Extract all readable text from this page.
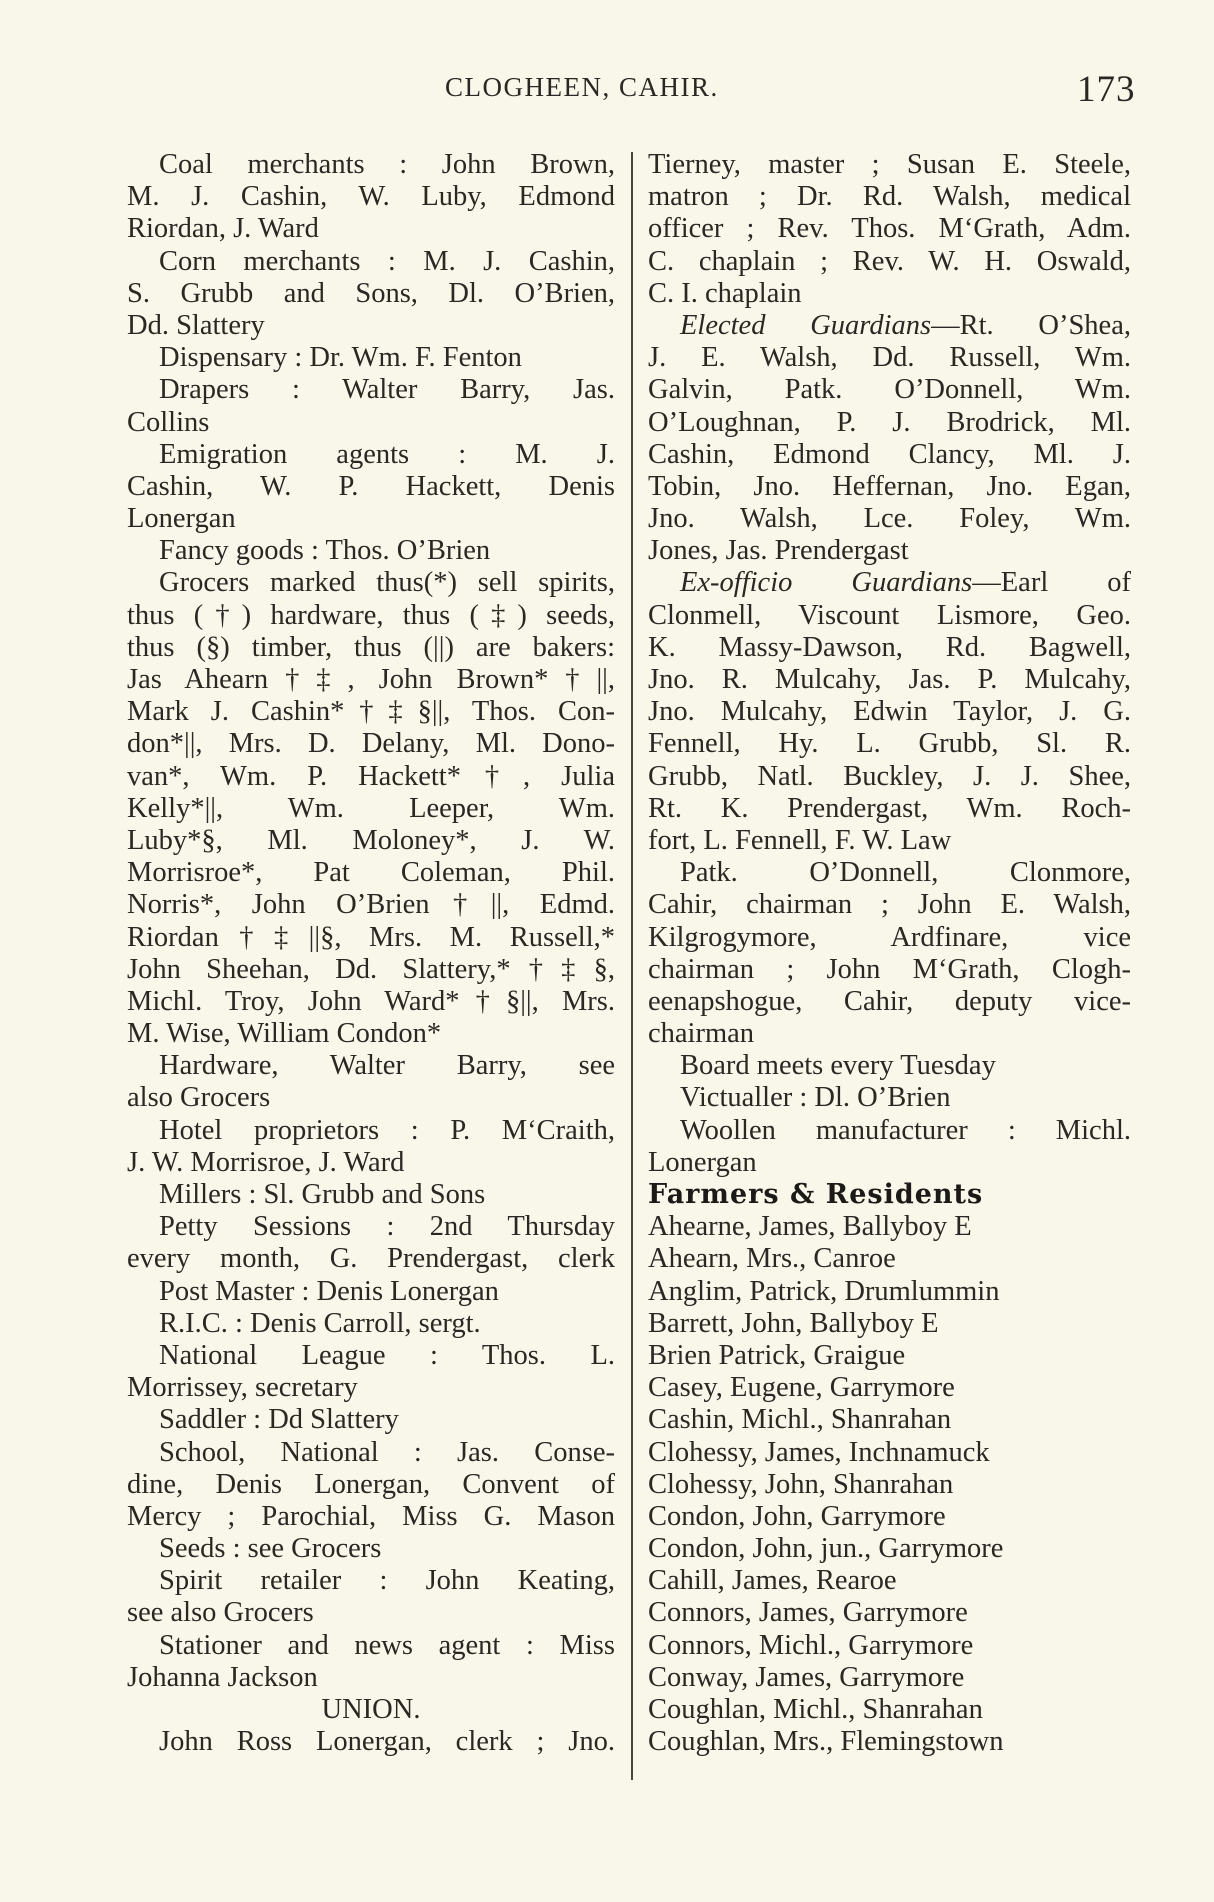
CLOGHEEN, CAHIR.	173
Coal merchants : John Brown,
M. J. Cashin, W. Luby, Edmond
Riordan, J. Ward
Corn merchants : M. J. Cashin,
S. Grubb and Sons, Dl. O’Brien,
Dd. Slattery
Dispensary : Dr. Wm. F. Fenton
Drapers : Walter Barry, Jas.
Collins
Emigration agents : M. J.
Cashin, W. P. Hackett, Denis
Lonergan
Fancy goods : Thos. O’Brien
Grocers marked thus(*) sell spirits,
thus (†) hardware, thus (‡) seeds,
thus (§) timber, thus (||) are bakers:
Jas Ahearn†‡, John Brown*†||,
Mark J. Cashin*†‡§||, Thos. Con-
don*||, Mrs. D. Delany, Ml. Dono-
van*, Wm. P. Hackett*†, Julia
Kelly*||, Wm. Leeper, Wm.
Luby*§, Ml. Moloney*, J. W.
Morrisroe*, Pat Coleman, Phil.
Norris*, John O’Brien†||, Edmd.
Riordan†‡||§, Mrs. M. Russell,*
John Sheehan, Dd. Slattery,*†‡§,
Michl. Troy, John Ward*†§||, Mrs.
M. Wise, William Condon*
Hardware, Walter Barry, see
also Grocers
Hotel proprietors : P. M‘Craith,
J. W. Morrisroe, J. Ward
Millers : Sl. Grubb and Sons
Petty Sessions : 2nd Thursday
every month, G. Prendergast, clerk
Post Master : Denis Lonergan
R.I.C. : Denis Carroll, sergt.
National League : Thos. L.
Morrissey, secretary
Saddler : Dd Slattery
School, National : Jas. Conse-
dine, Denis Lonergan, Convent of
Mercy ; Parochial, Miss G. Mason
Seeds : see Grocers
Spirit retailer : John Keating,
see also Grocers
Stationer and news agent : Miss
Johanna Jackson
UNION.
John Ross Lonergan, clerk ; Jno.
Tierney, master ; Susan E. Steele,
matron ; Dr. Rd. Walsh, medical
officer ; Rev. Thos. M‘Grath, Adm.
C. chaplain ; Rev. W. H. Oswald,
C. I. chaplain
Elected Guardians—Rt. O’Shea,
J. E. Walsh, Dd. Russell, Wm.
Galvin, Patk. O’Donnell, Wm.
O’Loughnan, P. J. Brodrick, Ml.
Cashin, Edmond Clancy, Ml. J.
Tobin, Jno. Heffernan, Jno. Egan,
Jno. Walsh, Lce. Foley, Wm.
Jones, Jas. Prendergast
Ex-officio Guardians—Earl of
Clonmell, Viscount Lismore, Geo.
K. Massy-Dawson, Rd. Bagwell,
Jno. R. Mulcahy, Jas. P. Mulcahy,
Jno. Mulcahy, Edwin Taylor, J. G.
Fennell, Hy. L. Grubb, Sl. R.
Grubb, Natl. Buckley, J. J. Shee,
Rt. K. Prendergast, Wm. Roch-
fort, L. Fennell, F. W. Law
Patk. O’Donnell, Clonmore,
Cahir, chairman ; John E. Walsh,
Kilgrogymore, Ardfinare, vice
chairman ; John M‘Grath, Clogh-
eenapshogue, Cahir, deputy vice-
chairman
Board meets every Tuesday
Victualler : Dl. O’Brien
Woollen manufacturer : Michl.
Lonergan
Farmers & Residents
Ahearne, James, Ballyboy E
Ahearn, Mrs., Canroe
Anglim, Patrick, Drumlummin
Barrett, John, Ballyboy E
Brien Patrick, Graigue
Casey, Eugene, Garrymore
Cashin, Michl., Shanrahan
Clohessy, James, Inchnamuck
Clohessy, John, Shanrahan
Condon, John, Garrymore
Condon, John, jun., Garrymore
Cahill, James, Rearoe
Connors, James, Garrymore
Connors, Michl., Garrymore
Conway, James, Garrymore
Coughlan, Michl., Shanrahan
Coughlan, Mrs., Flemingstown
